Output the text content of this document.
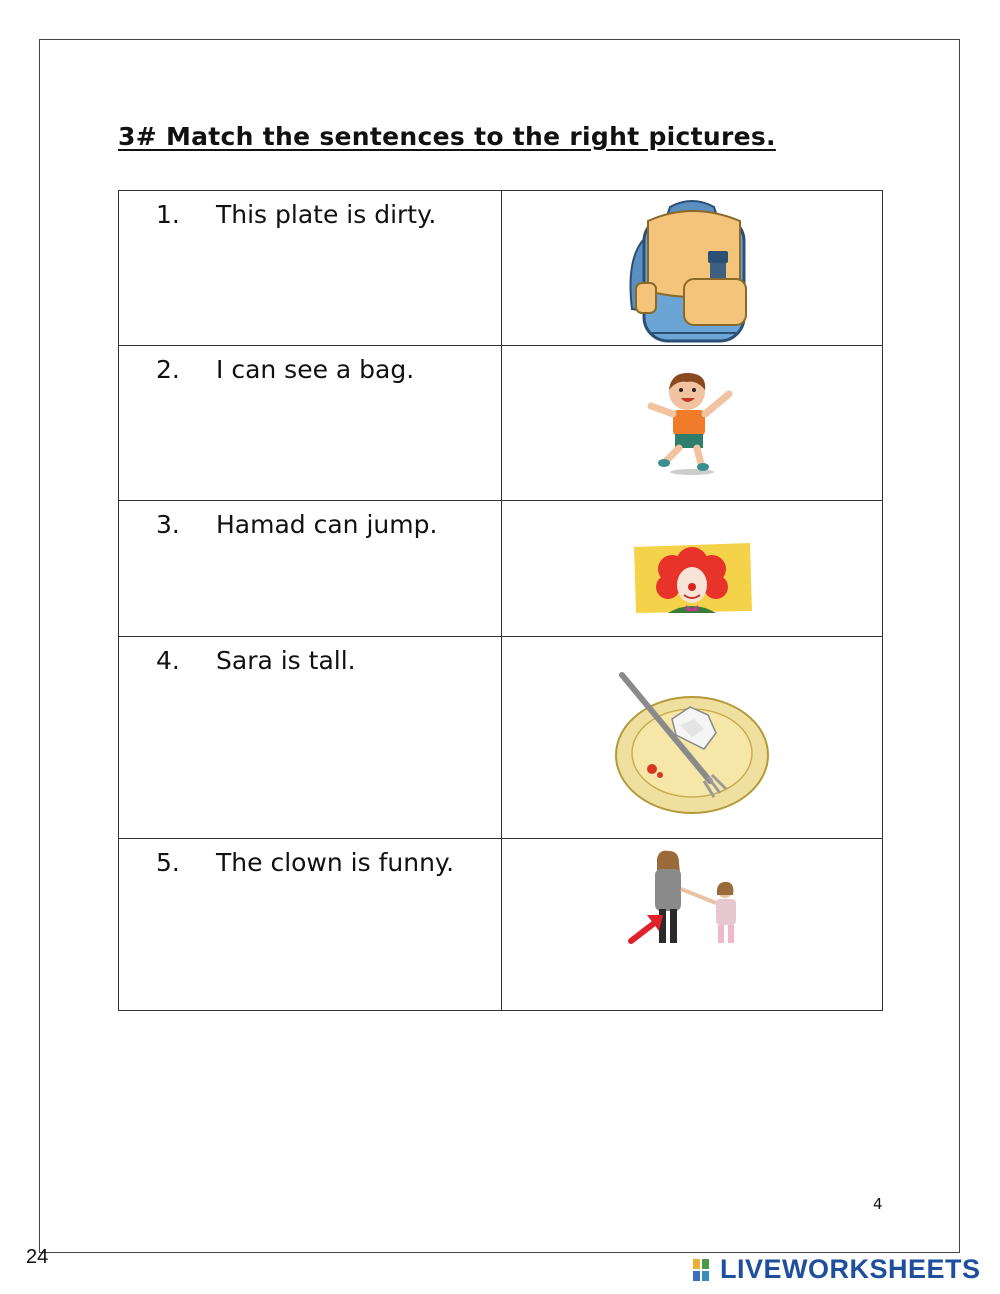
3# Match the sentences to the right pictures.
1. This plate is dirty.

2. I can see a bag.

3. Hamad can jump.

4. Sara is tall.

5. The clown is funny.

4
24	LIVEWORKSHEETS
